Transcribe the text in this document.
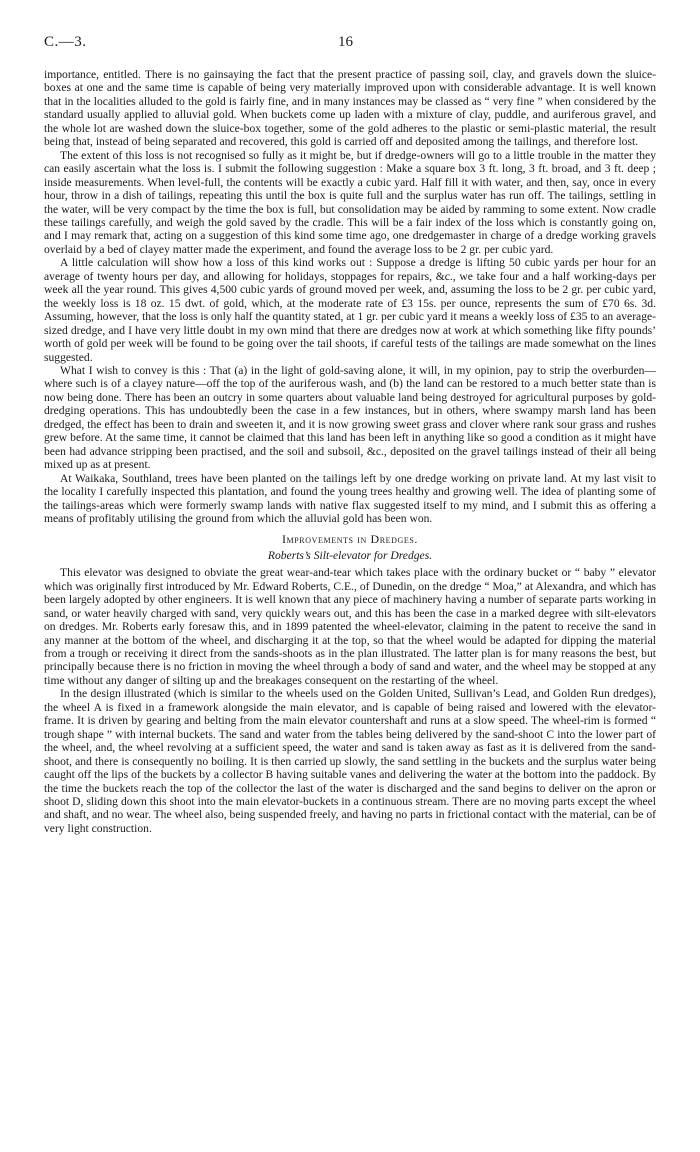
C.—3.	16

importance, entitled. There is no gainsaying the fact that the present practice of passing soil, clay, and gravels down the sluice-boxes at one and the same time is capable of being very materially improved upon with considerable advantage. It is well known that in the localities alluded to the gold is fairly fine, and in many instances may be classed as “ very fine ” when considered by the standard usually applied to alluvial gold. When buckets come up laden with a mixture of clay, puddle, and auriferous gravel, and the whole lot are washed down the sluice-box together, some of the gold adheres to the plastic or semi-plastic material, the result being that, instead of being separated and recovered, this gold is carried off and deposited among the tailings, and therefore lost.

The extent of this loss is not recognised so fully as it might be, but if dredge-owners will go to a little trouble in the matter they can easily ascertain what the loss is. I submit the following suggestion : Make a square box 3 ft. long, 3 ft. broad, and 3 ft. deep ; inside measurements. When level-full, the contents will be exactly a cubic yard. Half fill it with water, and then, say, once in every hour, throw in a dish of tailings, repeating this until the box is quite full and the surplus water has run off. The tailings, settling in the water, will be very compact by the time the box is full, but consolidation may be aided by ramming to some extent. Now cradle these tailings carefully, and weigh the gold saved by the cradle. This will be a fair index of the loss which is constantly going on, and I may remark that, acting on a suggestion of this kind some time ago, one dredgemaster in charge of a dredge working gravels overlaid by a bed of clayey matter made the experiment, and found the average loss to be 2 gr. per cubic yard.

A little calculation will show how a loss of this kind works out : Suppose a dredge is lifting 50 cubic yards per hour for an average of twenty hours per day, and allowing for holidays, stoppages for repairs, &c., we take four and a half working-days per week all the year round. This gives 4,500 cubic yards of ground moved per week, and, assuming the loss to be 2 gr. per cubic yard, the weekly loss is 18 oz. 15 dwt. of gold, which, at the moderate rate of £3 15s. per ounce, represents the sum of £70 6s. 3d. Assuming, however, that the loss is only half the quantity stated, at 1 gr. per cubic yard it means a weekly loss of £35 to an average-sized dredge, and I have very little doubt in my own mind that there are dredges now at work at which something like fifty pounds’ worth of gold per week will be found to be going over the tail shoots, if careful tests of the tailings are made somewhat on the lines suggested.

What I wish to convey is this : That (a) in the light of gold-saving alone, it will, in my opinion, pay to strip the overburden—where such is of a clayey nature—off the top of the auriferous wash, and (b) the land can be restored to a much better state than is now being done. There has been an outcry in some quarters about valuable land being destroyed for agricultural purposes by gold-dredging operations. This has undoubtedly been the case in a few instances, but in others, where swampy marsh land has been dredged, the effect has been to drain and sweeten it, and it is now growing sweet grass and clover where rank sour grass and rushes grew before. At the same time, it cannot be claimed that this land has been left in anything like so good a condition as it might have been had advance stripping been practised, and the soil and subsoil, &c., deposited on the gravel tailings instead of their all being mixed up as at present.

At Waikaka, Southland, trees have been planted on the tailings left by one dredge working on private land. At my last visit to the locality I carefully inspected this plantation, and found the young trees healthy and growing well. The idea of planting some of the tailings-areas which were formerly swamp lands with native flax suggested itself to my mind, and I submit this as offering a means of profitably utilising the ground from which the alluvial gold has been won.

Improvements in Dredges.
Roberts’s Silt-elevator for Dredges.

This elevator was designed to obviate the great wear-and-tear which takes place with the ordinary bucket or “ baby ” elevator which was originally first introduced by Mr. Edward Roberts, C.E., of Dunedin, on the dredge “ Moa,” at Alexandra, and which has been largely adopted by other engineers. It is well known that any piece of machinery having a number of separate parts working in sand, or water heavily charged with sand, very quickly wears out, and this has been the case in a marked degree with silt-elevators on dredges. Mr. Roberts early foresaw this, and in 1899 patented the wheel-elevator, claiming in the patent to receive the sand in any manner at the bottom of the wheel, and discharging it at the top, so that the wheel would be adapted for dipping the material from a trough or receiving it direct from the sands-shoots as in the plan illustrated. The latter plan is for many reasons the best, but principally because there is no friction in moving the wheel through a body of sand and water, and the wheel may be stopped at any time without any danger of silting up and the breakages consequent on the restarting of the wheel.

In the design illustrated (which is similar to the wheels used on the Golden United, Sullivan’s Lead, and Golden Run dredges), the wheel A is fixed in a framework alongside the main elevator, and is capable of being raised and lowered with the elevator-frame. It is driven by gearing and belting from the main elevator countershaft and runs at a slow speed. The wheel-rim is formed “ trough shape ” with internal buckets. The sand and water from the tables being delivered by the sand-shoot C into the lower part of the wheel, and, the wheel revolving at a sufficient speed, the water and sand is taken away as fast as it is delivered from the sand-shoot, and there is consequently no boiling. It is then carried up slowly, the sand settling in the buckets and the surplus water being caught off the lips of the buckets by a collector B having suitable vanes and delivering the water at the bottom into the paddock. By the time the buckets reach the top of the collector the last of the water is discharged and the sand begins to deliver on the apron or shoot D, sliding down this shoot into the main elevator-buckets in a continuous stream. There are no moving parts except the wheel and shaft, and no wear. The wheel also, being suspended freely, and having no parts in frictional contact with the material, can be of very light construction.
